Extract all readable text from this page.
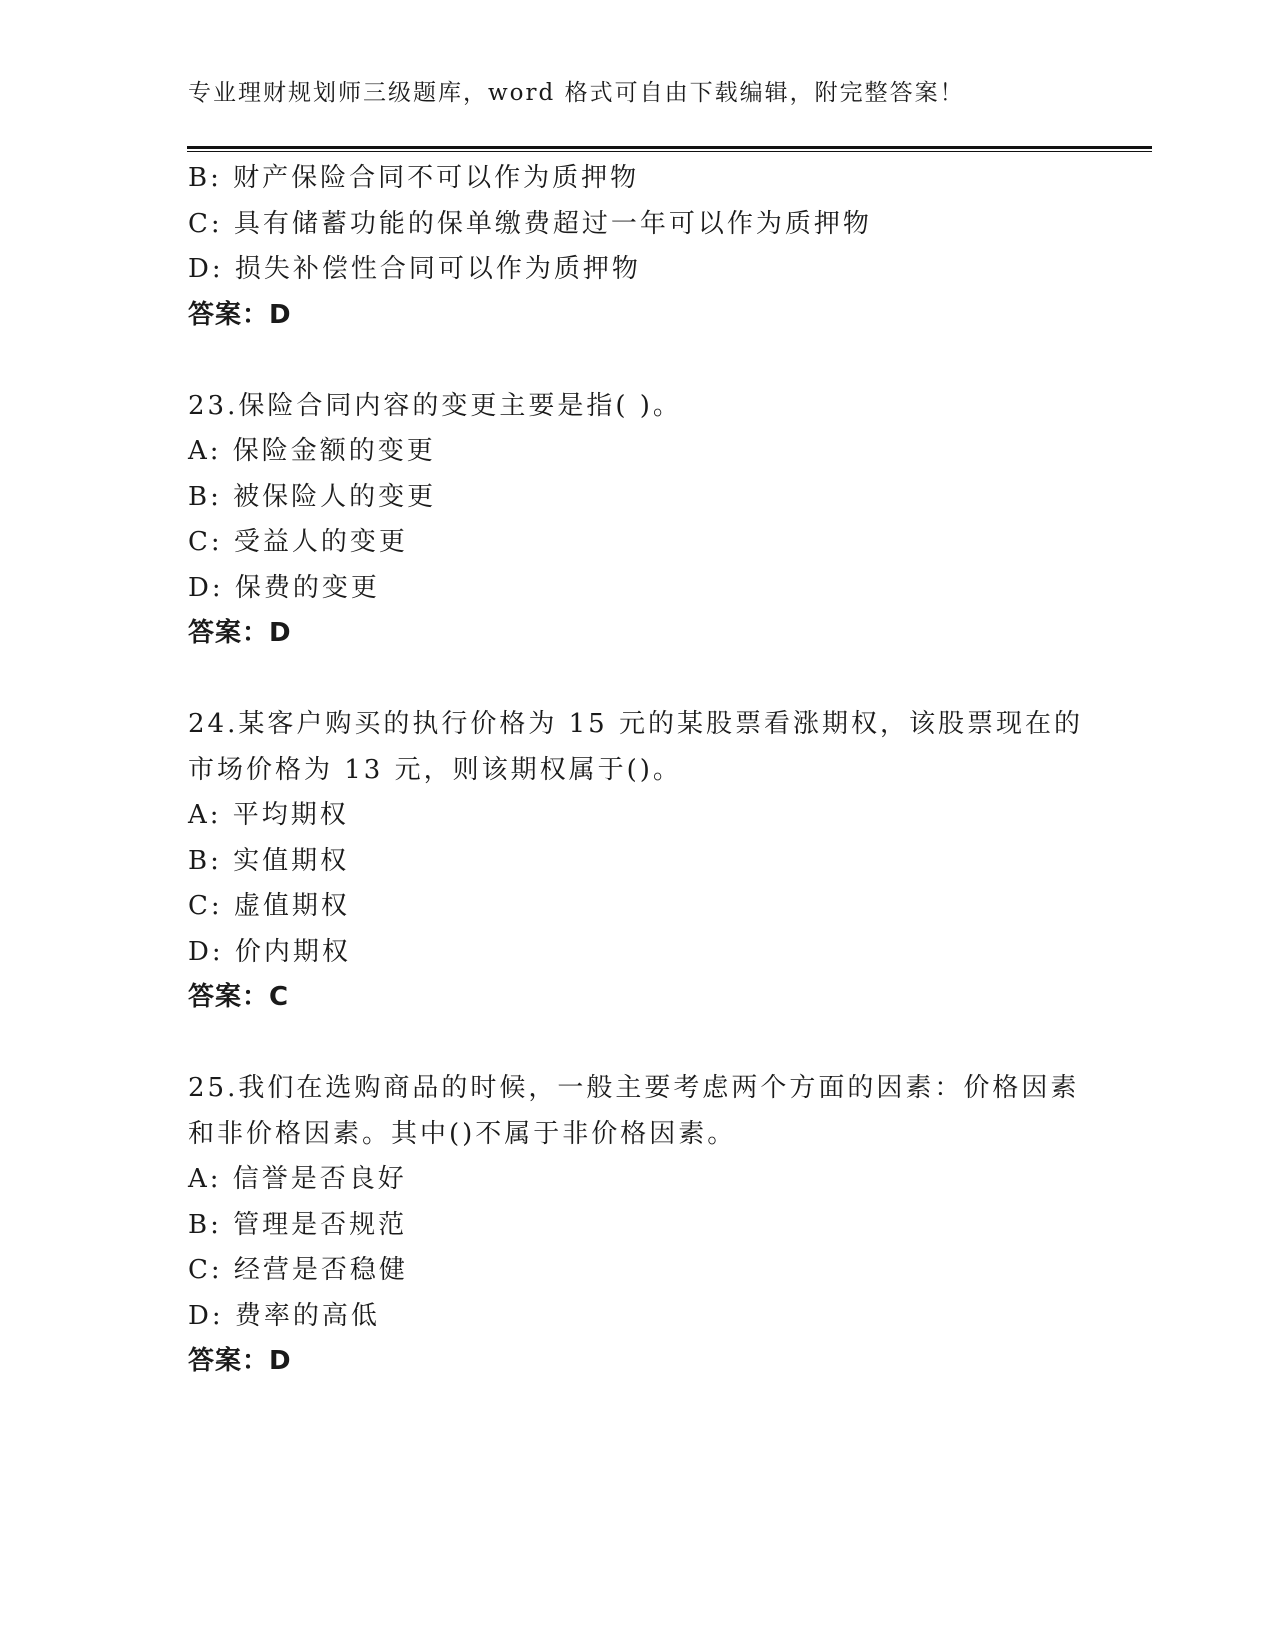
专业理财规划师三级题库，word 格式可自由下载编辑，附完整答案！
B: 财产保险合同不可以作为质押物
C: 具有储蓄功能的保单缴费超过一年可以作为质押物
D: 损失补偿性合同可以作为质押物
答案：D
23.保险合同内容的变更主要是指( )。
A: 保险金额的变更
B: 被保险人的变更
C: 受益人的变更
D: 保费的变更
答案：D
24.某客户购买的执行价格为 15 元的某股票看涨期权，该股票现在的
市场价格为 13 元，则该期权属于()。
A: 平均期权
B: 实值期权
C: 虚值期权
D: 价内期权
答案：C
25.我们在选购商品的时候，一般主要考虑两个方面的因素：价格因素
和非价格因素。其中()不属于非价格因素。
A: 信誉是否良好
B: 管理是否规范
C: 经营是否稳健
D: 费率的高低
答案：D
